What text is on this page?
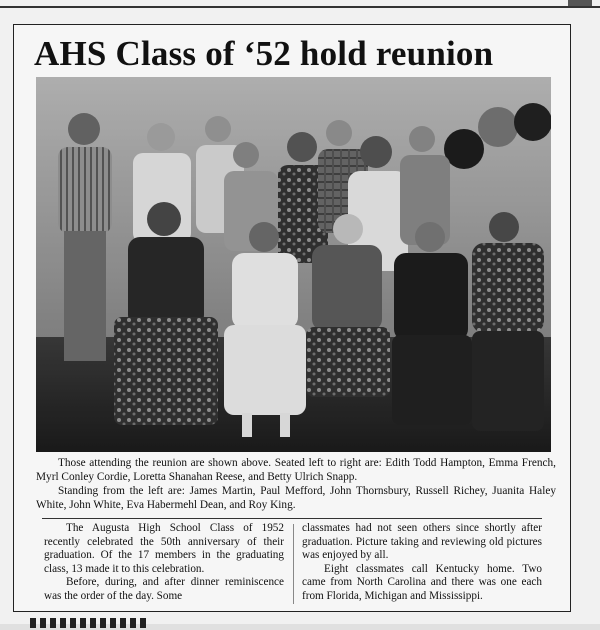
AHS Class of ‘52 hold reunion

Those attending the reunion are shown above. Seated left to right are: Edith Todd Hampton, Emma French, Myrl Conley Cordie, Loretta Shanahan Reese, and Betty Ulrich Snapp.

Standing from the left are: James Martin, Paul Mefford, John Thornsbury, Russell Richey, Juanita Haley White, John White, Eva Habermehl Dean, and Roy King.

The Augusta High School Class of 1952 recently celebrated the 50th anniversary of their graduation. Of the 17 members in the graduating class, 13 made it to this celebration.

Before, during, and after dinner reminiscence was the order of the day. Some

classmates had not seen others since shortly after graduation. Picture taking and reviewing old pictures was enjoyed by all.

Eight classmates call Kentucky home. Two came from North Carolina and there was one each from Florida, Michigan and Mississippi.
